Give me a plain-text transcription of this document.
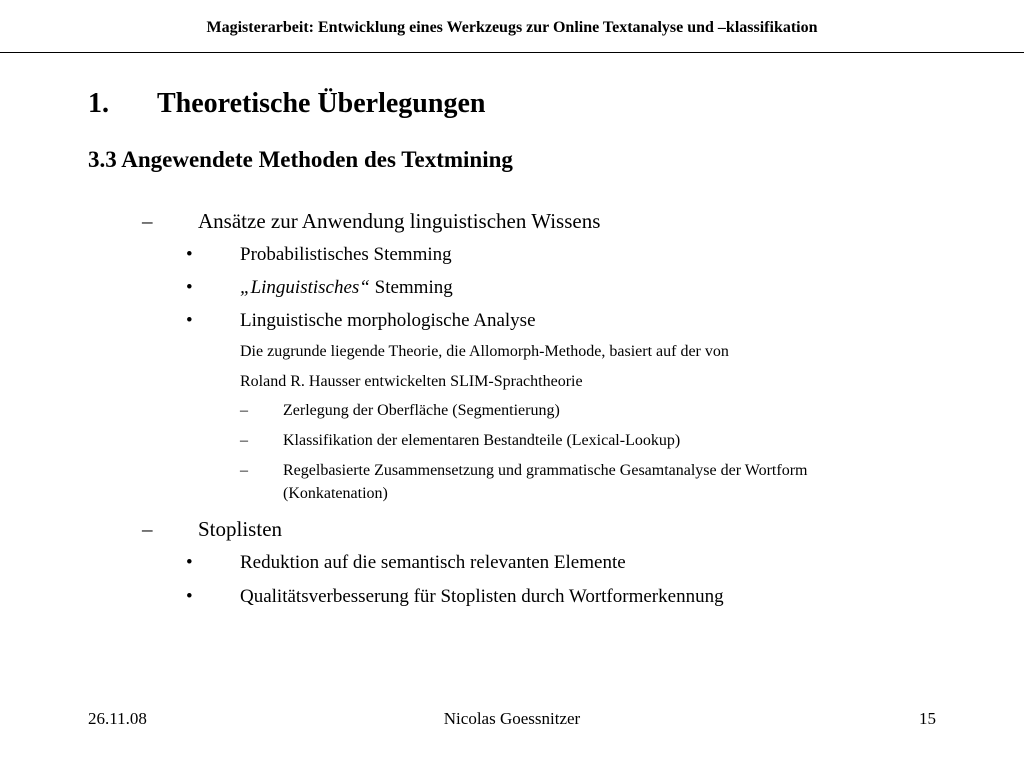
Magisterarbeit: Entwicklung eines Werkzeugs zur Online Textanalyse und –klassifikation
1. Theoretische Überlegungen
3.3 Angewendete Methoden des Textmining
– Ansätze zur Anwendung linguistischen Wissens
• Probabilistisches Stemming
• „Linguistisches“ Stemming
• Linguistische morphologische Analyse
Die zugrunde liegende Theorie, die Allomorph-Methode, basiert auf der von
Roland R. Hausser entwickelten SLIM-Sprachtheorie
– Zerlegung der Oberfläche (Segmentierung)
– Klassifikation der elementaren Bestandteile (Lexical-Lookup)
– Regelbasierte Zusammensetzung und grammatische Gesamtanalyse der Wortform
(Konkatenation)
– Stoplisten
• Reduktion auf die semantisch relevanten Elemente
• Qualitätsverbesserung für Stoplisten durch Wortformerkennung
26.11.08	Nicolas Goessnitzer	15
